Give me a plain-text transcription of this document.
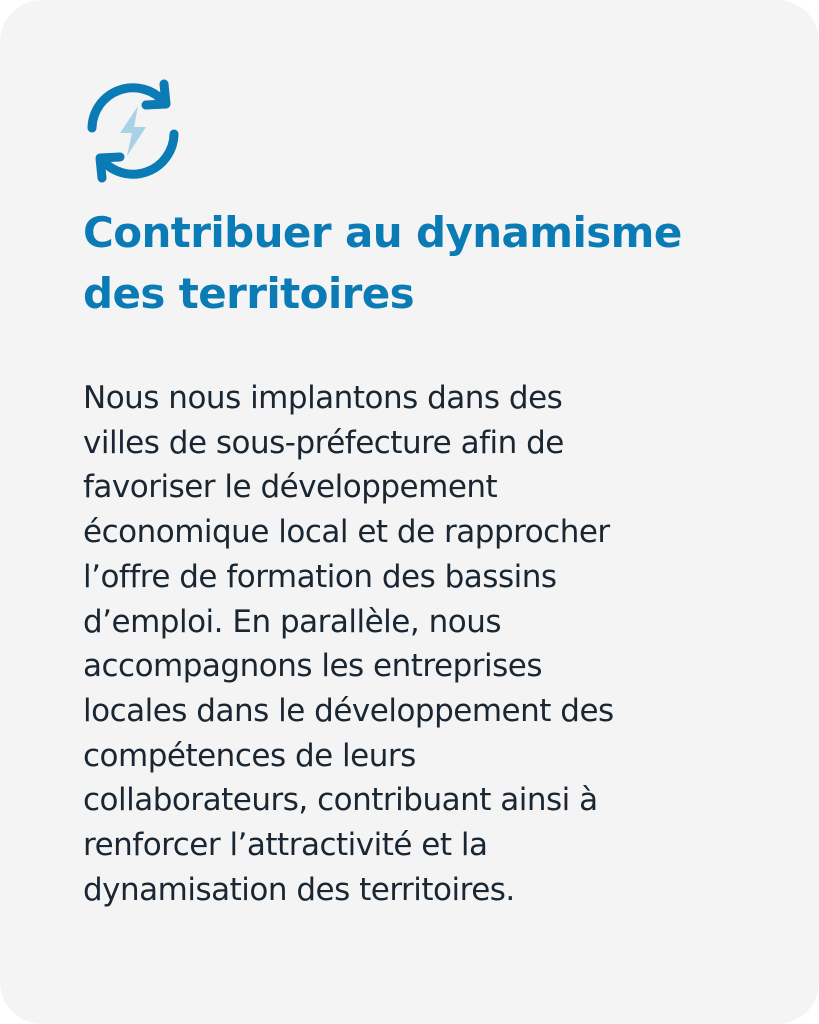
Contribuer au dynamisme
des territoires

Nous nous implantons dans des
villes de sous-préfecture afin de
favoriser le développement
économique local et de rapprocher
l’offre de formation des bassins
d’emploi. En parallèle, nous
accompagnons les entreprises
locales dans le développement des
compétences de leurs
collaborateurs, contribuant ainsi à
renforcer l’attractivité et la
dynamisation des territoires.
